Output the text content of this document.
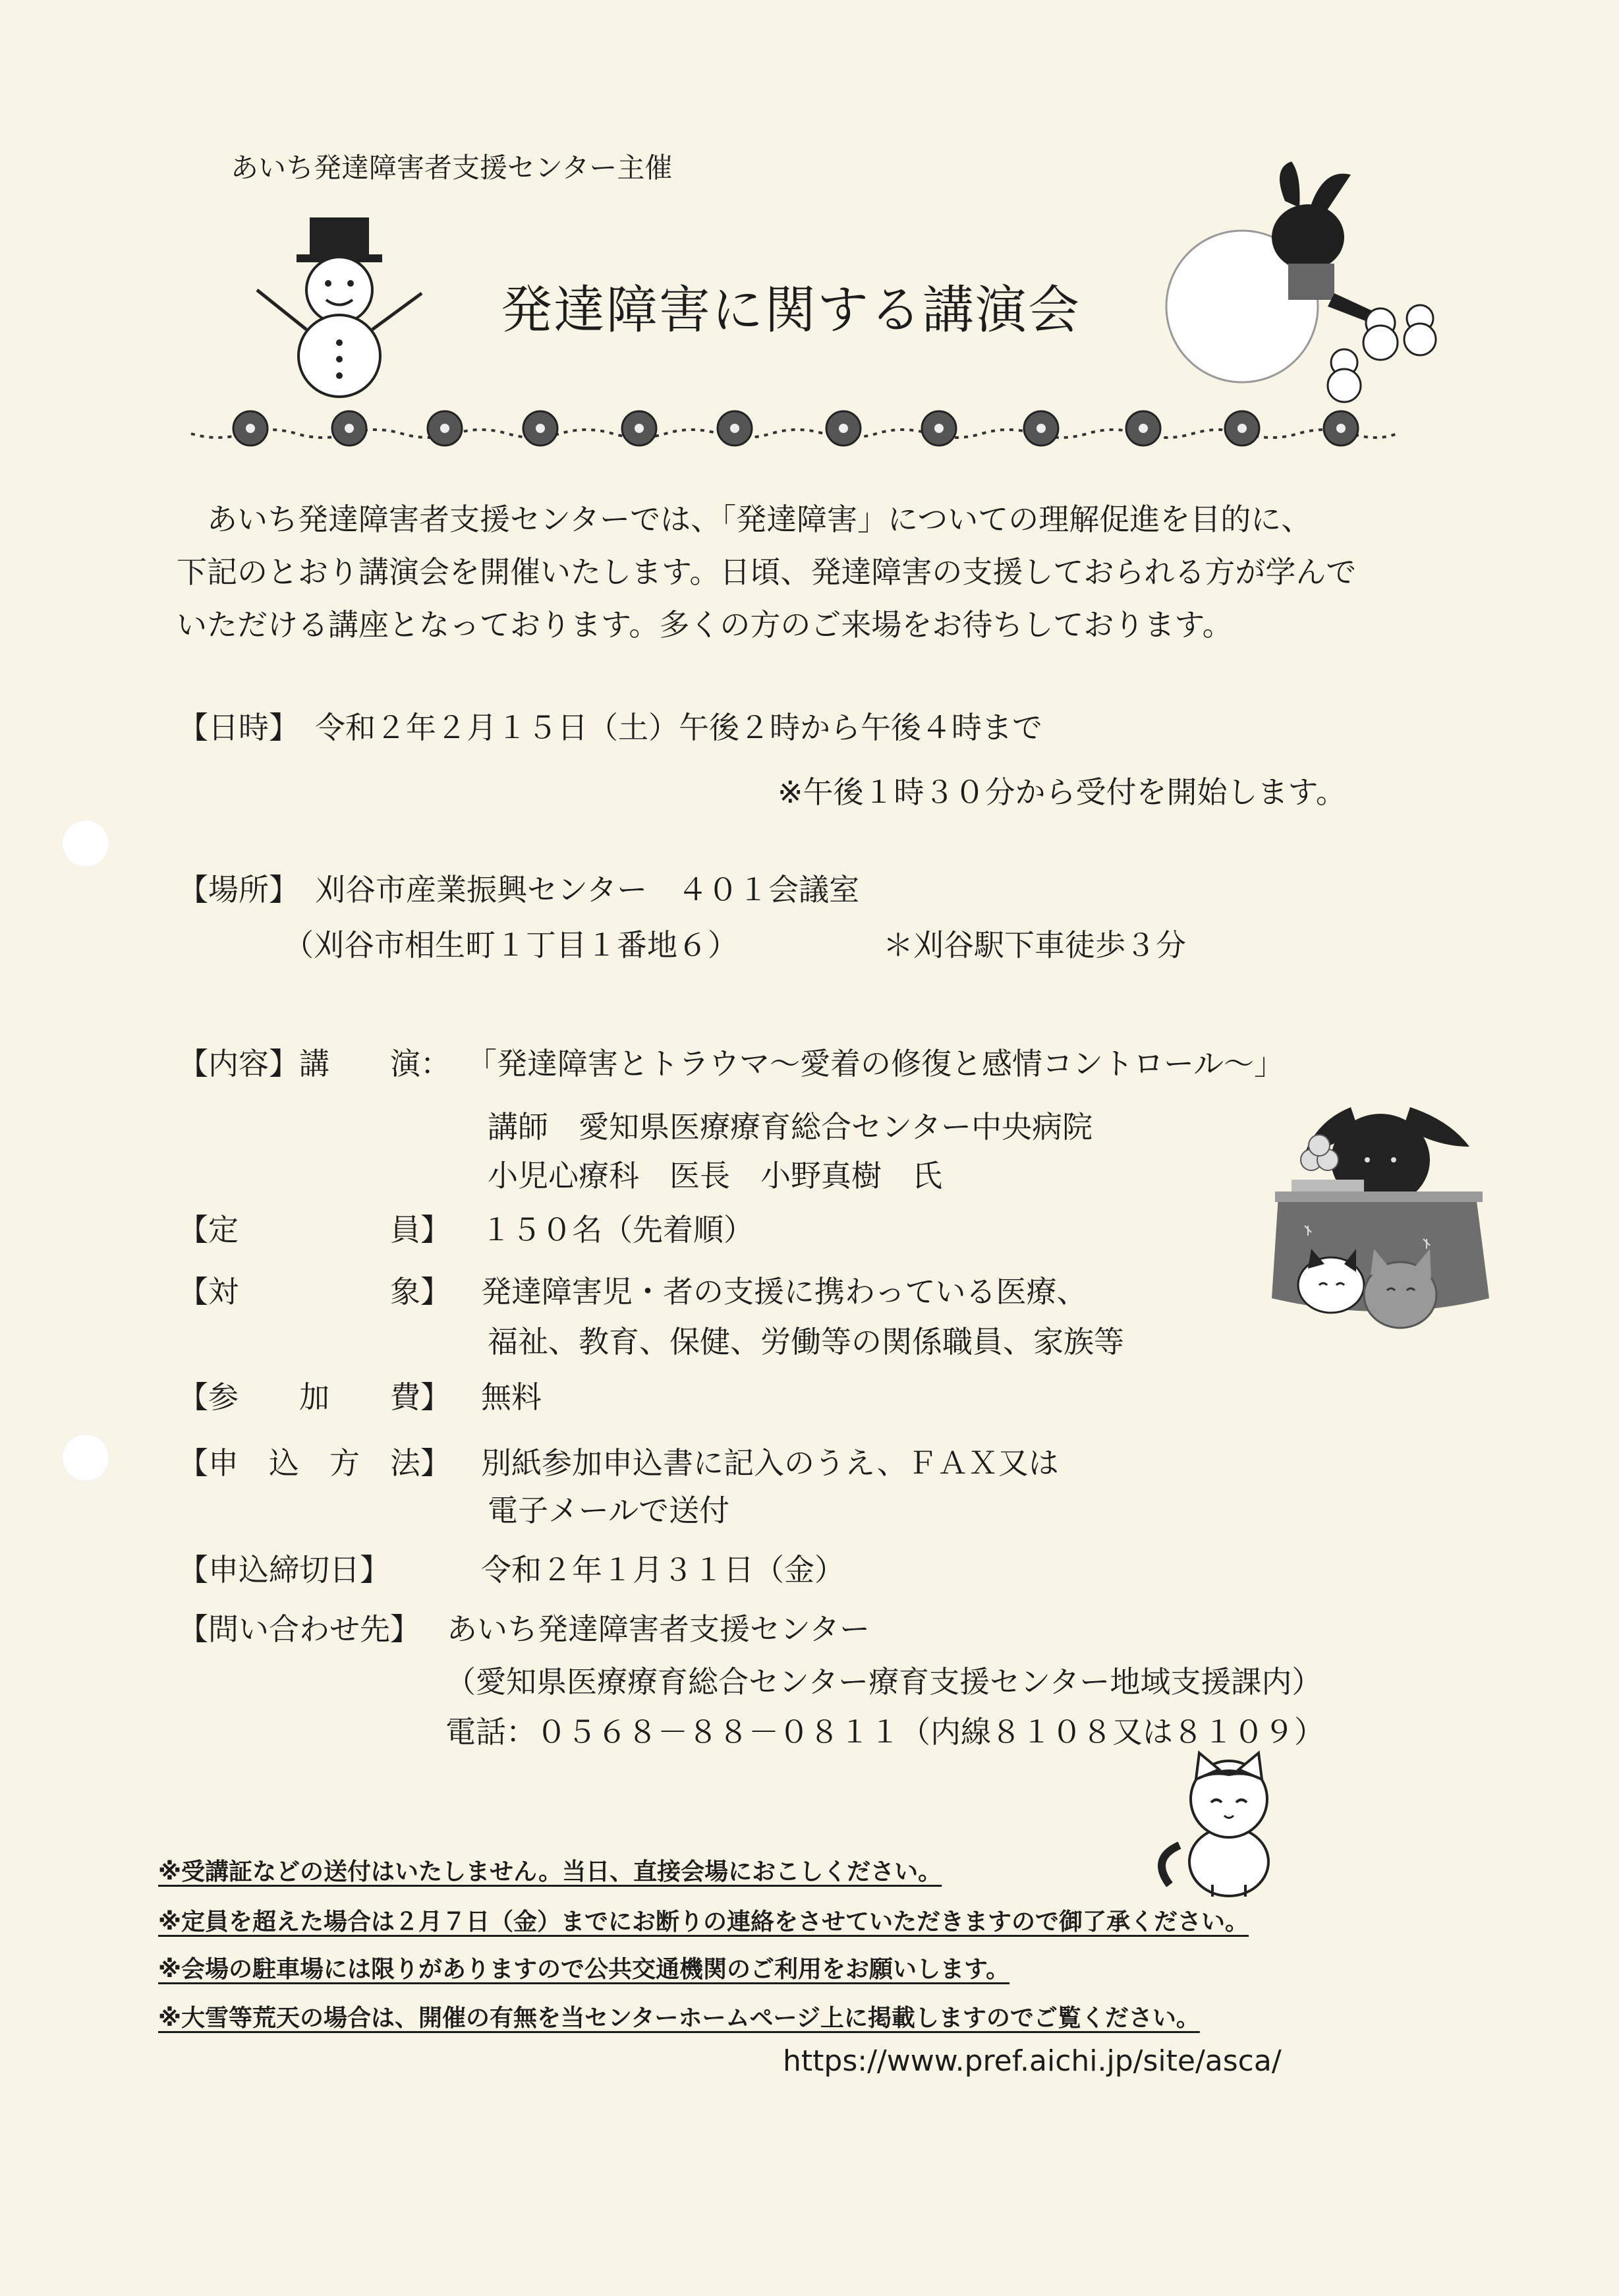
あいち発達障害者支援センター主催
発達障害に関する講演会

あいち発達障害者支援センターでは、「発達障害」についての理解促進を目的に、

下記のとおり講演会を開催いたします。日頃、発達障害の支援しておられる方が学んで

いただける講座となっております。多くの方のご来場をお待ちしております。

【日時】 令和２年２月１５日（土）午後２時から午後４時まで
※午後１時３０分から受付を開始します。
【場所】 刈谷市産業振興センター　４０１会議室
（刈谷市相生町１丁目１番地６）	＊刈谷駅下車徒歩３分
【内容】講　　演： 「発達障害とトラウマ～愛着の修復と感情コントロール～」
講師　愛知県医療療育総合センター中央病院
小児心療科　医長　小野真樹　氏
【定　　　　　員】 １５０名（先着順）
【対　　　　　象】 発達障害児・者の支援に携わっている医療、
福祉、教育、保健、労働等の関係職員、家族等
【参　　加　　費】 無料
【申　込　方　法】 別紙参加申込書に記入のうえ、ＦＡＸ又は
電子メールで送付
【申込締切日】	令和２年１月３１日（金）
【問い合わせ先】 あいち発達障害者支援センター
（愛知県医療療育総合センター療育支援センター地域支援課内）
電話：０５６８－８８－０８１１（内線８１０８又は８１０９）
※受講証などの送付はいたしません。当日、直接会場におこしください。
※定員を超えた場合は２月７日（金）までにお断りの連絡をさせていただきますので御了承ください。
※会場の駐車場には限りがありますので公共交通機関のご利用をお願いします。
※大雪等荒天の場合は、開催の有無を当センターホームページ上に掲載しますのでご覧ください。
https://www.pref.aichi.jp/site/asca/
